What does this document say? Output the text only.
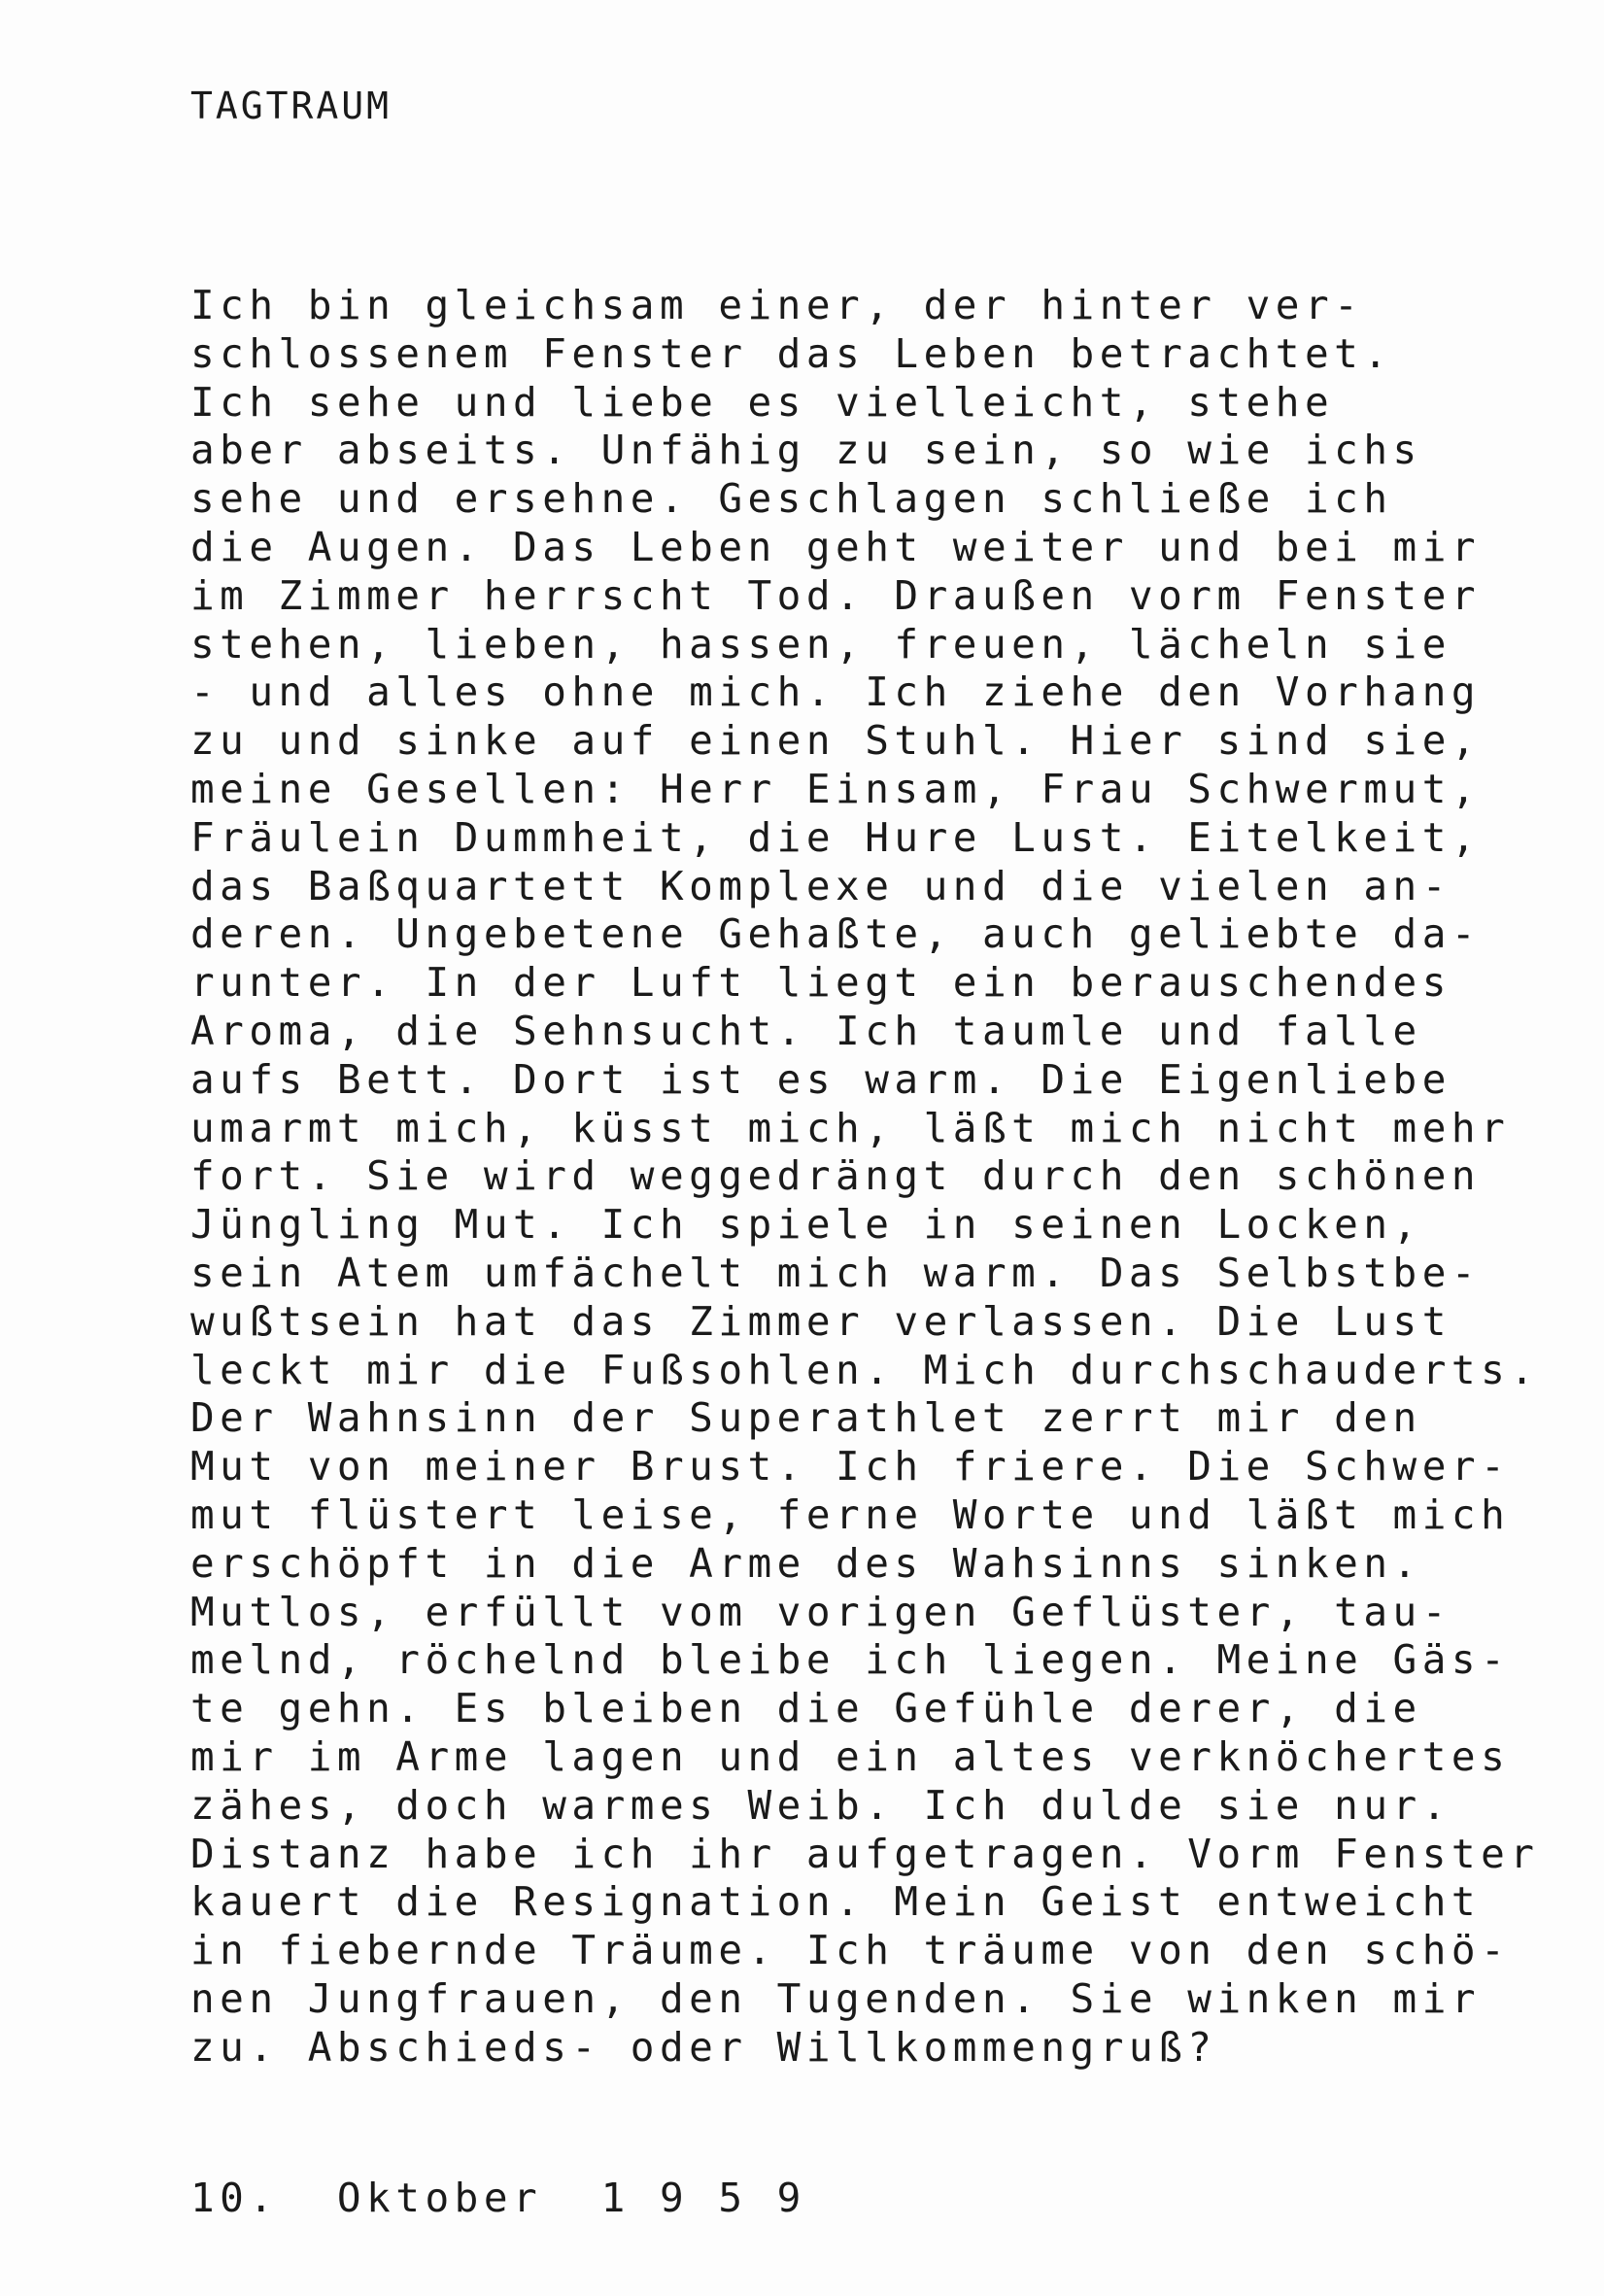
TAGTRAUM
Ich bin gleichsam einer, der hinter ver-
schlossenem Fenster das Leben betrachtet.
Ich sehe und liebe es vielleicht, stehe
aber abseits. Unfähig zu sein, so wie ichs
sehe und ersehne. Geschlagen schließe ich
die Augen. Das Leben geht weiter und bei mir
im Zimmer herrscht Tod. Draußen vorm Fenster
stehen, lieben, hassen, freuen, lächeln sie
- und alles ohne mich. Ich ziehe den Vorhang
zu und sinke auf einen Stuhl. Hier sind sie,
meine Gesellen: Herr Einsam, Frau Schwermut,
Fräulein Dummheit, die Hure Lust. Eitelkeit,
das Baßquartett Komplexe und die vielen an-
deren. Ungebetene Gehaßte, auch geliebte da-
runter. In der Luft liegt ein berauschendes
Aroma, die Sehnsucht. Ich taumle und falle
aufs Bett. Dort ist es warm. Die Eigenliebe
umarmt mich, küsst mich, läßt mich nicht mehr
fort. Sie wird weggedrängt durch den schönen
Jüngling Mut. Ich spiele in seinen Locken,
sein Atem umfächelt mich warm. Das Selbstbe-
wußtsein hat das Zimmer verlassen. Die Lust
leckt mir die Fußsohlen. Mich durchschauderts.
Der Wahnsinn der Superathlet zerrt mir den
Mut von meiner Brust. Ich friere. Die Schwer-
mut flüstert leise, ferne Worte und läßt mich
erschöpft in die Arme des Wahsinns sinken.
Mutlos, erfüllt vom vorigen Geflüster, tau-
melnd, röchelnd bleibe ich liegen. Meine Gäs-
te gehn. Es bleiben die Gefühle derer, die
mir im Arme lagen und ein altes verknöchertes
zähes, doch warmes Weib. Ich dulde sie nur.
Distanz habe ich ihr aufgetragen. Vorm Fenster
kauert die Resignation. Mein Geist entweicht
in fiebernde Träume. Ich träume von den schö-
nen Jungfrauen, den Tugenden. Sie winken mir
zu. Abschieds- oder Willkommengruß?
10.  Oktober  1 9 5 9
